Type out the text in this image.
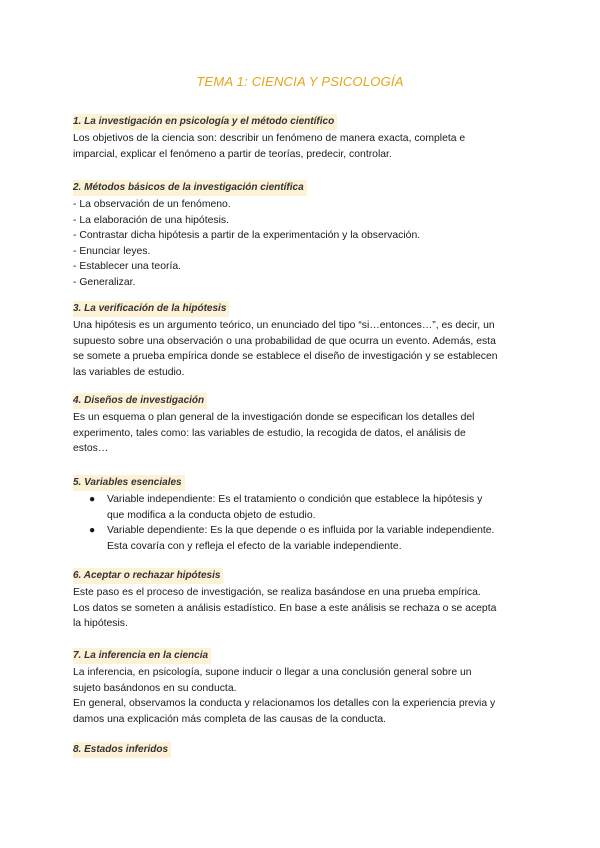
TEMA 1: CIENCIA Y PSICOLOGÍA
1. La investigación en psicología y el método científico
Los objetivos de la ciencia son: describir un fenómeno de manera exacta, completa e
imparcial, explicar el fenómeno a partir de teorías, predecir, controlar.
2. Métodos básicos de la investigación científica
- La observación de un fenómeno.
- La elaboración de una hipótesis.
- Contrastar dicha hipótesis a partir de la experimentación y la observación.
- Enunciar leyes.
- Establecer una teoría.
- Generalizar.
3. La verificación de la hipótesis
Una hipótesis es un argumento teórico, un enunciado del tipo “si…entonces…”, es decir, un
supuesto sobre una observación o una probabilidad de que ocurra un evento. Además, esta
se somete a prueba empírica donde se establece el diseño de investigación y se establecen
las variables de estudio.
4. Diseños de investigación
Es un esquema o plan general de la investigación donde se especifican los detalles del
experimento, tales como: las variables de estudio, la recogida de datos, el análisis de
estos…
5. Variables esenciales
● Variable independiente: Es el tratamiento o condición que establece la hipótesis y
que modifica a la conducta objeto de estudio.
● Variable dependiente: Es la que depende o es influida por la variable independiente.
Esta covaría con y refleja el efecto de la variable independiente.
6. Aceptar o rechazar hipótesis
Este paso es el proceso de investigación, se realiza basándose en una prueba empírica.
Los datos se someten a análisis estadístico. En base a este análisis se rechaza o se acepta
la hipótesis.
7. La inferencia en la ciencia
La inferencia, en psicología, supone inducir o llegar a una conclusión general sobre un
sujeto basándonos en su conducta.
En general, observamos la conducta y relacionamos los detalles con la experiencia previa y
damos una explicación más completa de las causas de la conducta.
8. Estados inferidos
